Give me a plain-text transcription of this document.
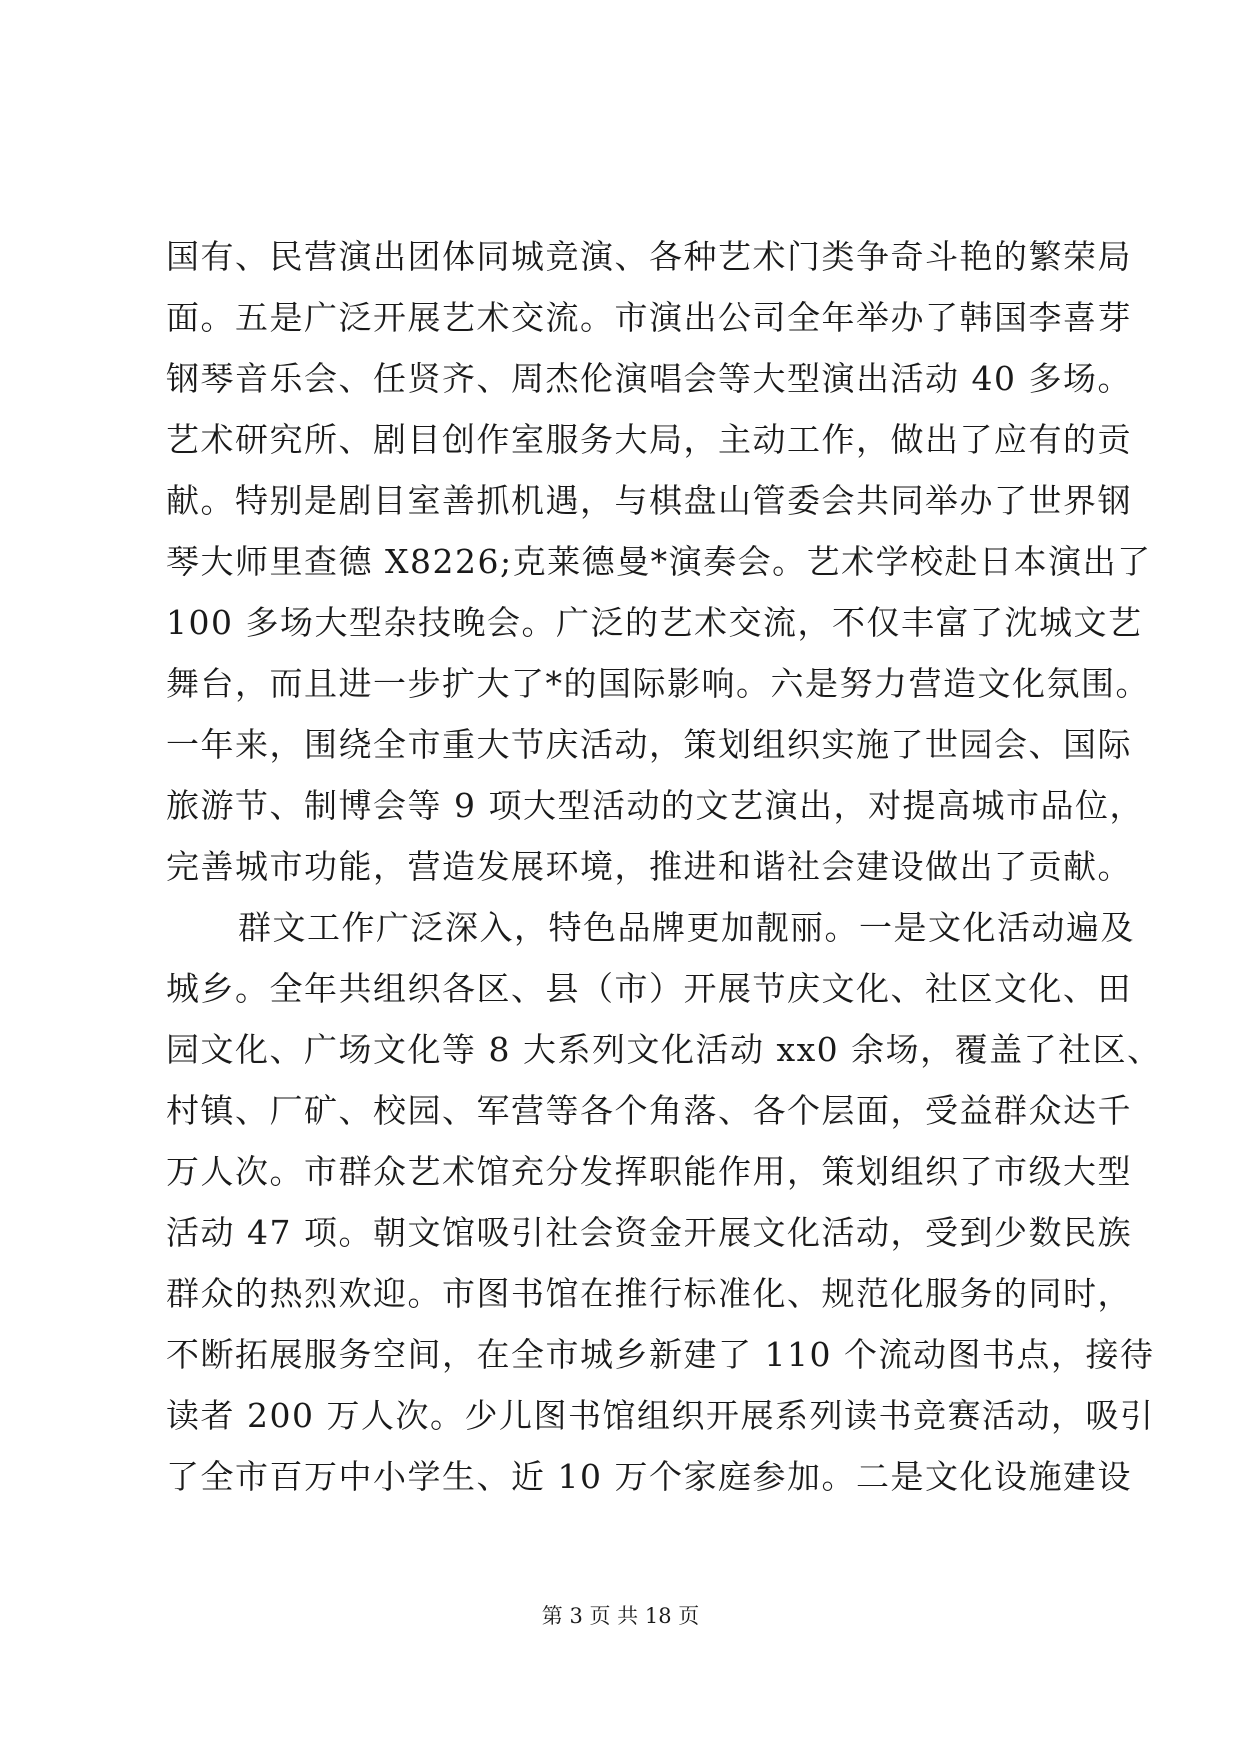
国有、民营演出团体同城竞演、各种艺术门类争奇斗艳的繁荣局
面。五是广泛开展艺术交流。市演出公司全年举办了韩国李喜芽
钢琴音乐会、任贤齐、周杰伦演唱会等大型演出活动 40 多场。
艺术研究所、剧目创作室服务大局，主动工作，做出了应有的贡
献。特别是剧目室善抓机遇，与棋盘山管委会共同举办了世界钢
琴大师里查德 X8226;克莱德曼*演奏会。艺术学校赴日本演出了
100 多场大型杂技晚会。广泛的艺术交流，不仅丰富了沈城文艺
舞台，而且进一步扩大了*的国际影响。六是努力营造文化氛围。
一年来，围绕全市重大节庆活动，策划组织实施了世园会、国际
旅游节、制博会等 9 项大型活动的文艺演出，对提高城市品位，
完善城市功能，营造发展环境，推进和谐社会建设做出了贡献。
群文工作广泛深入，特色品牌更加靓丽。一是文化活动遍及
城乡。全年共组织各区、县（市）开展节庆文化、社区文化、田
园文化、广场文化等 8 大系列文化活动 xx0 余场，覆盖了社区、
村镇、厂矿、校园、军营等各个角落、各个层面，受益群众达千
万人次。市群众艺术馆充分发挥职能作用，策划组织了市级大型
活动 47 项。朝文馆吸引社会资金开展文化活动，受到少数民族
群众的热烈欢迎。市图书馆在推行标准化、规范化服务的同时，
不断拓展服务空间，在全市城乡新建了 110 个流动图书点，接待
读者 200 万人次。少儿图书馆组织开展系列读书竞赛活动，吸引
了全市百万中小学生、近 10 万个家庭参加。二是文化设施建设
第 3 页 共 18 页
